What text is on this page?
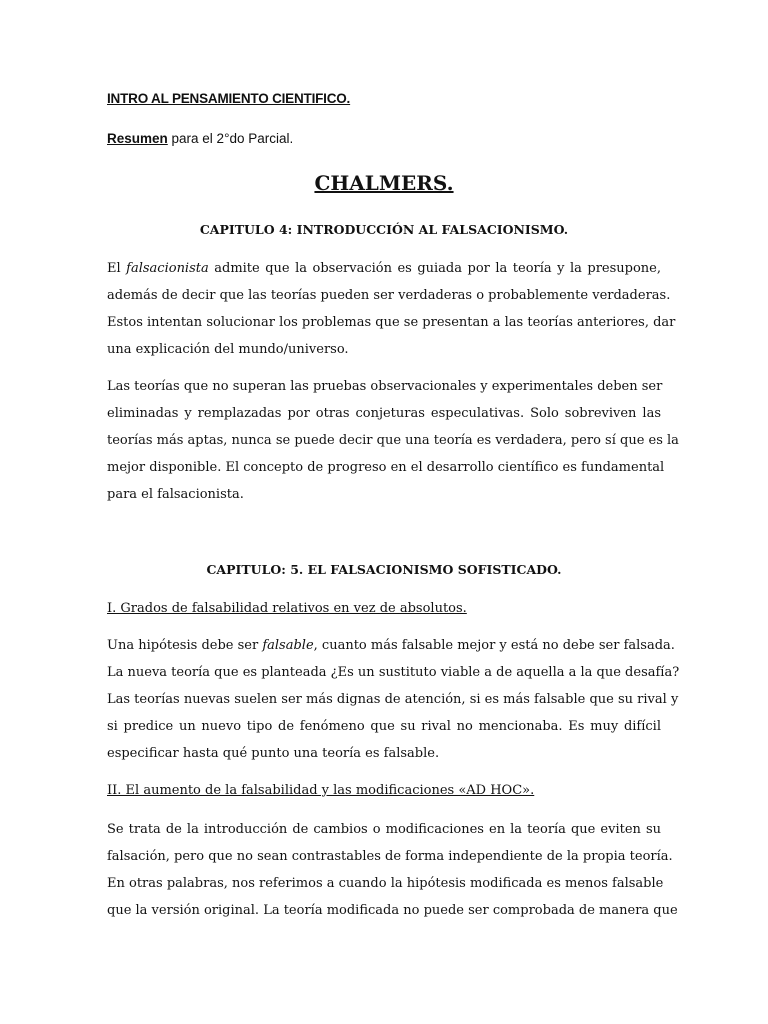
INTRO AL PENSAMIENTO CIENTIFICO.
Resumen para el 2°do Parcial.
CHALMERS.
CAPITULO 4: INTRODUCCIÓN AL FALSACIONISMO.
El falsacionista admite que la observación es guiada por la teoría y la presupone,
además de decir que las teorías pueden ser verdaderas o probablemente verdaderas.
Estos intentan solucionar los problemas que se presentan a las teorías anteriores, dar
una explicación del mundo/universo.
Las teorías que no superan las pruebas observacionales y experimentales deben ser
eliminadas y remplazadas por otras conjeturas especulativas. Solo sobreviven las
teorías más aptas, nunca se puede decir que una teoría es verdadera, pero sí que es la
mejor disponible. El concepto de progreso en el desarrollo científico es fundamental
para el falsacionista.
CAPITULO: 5. EL FALSACIONISMO SOFISTICADO.
I. Grados de falsabilidad relativos en vez de absolutos.
Una hipótesis debe ser falsable, cuanto más falsable mejor y está no debe ser falsada.
La nueva teoría que es planteada ¿Es un sustituto viable a de aquella a la que desafía?
Las teorías nuevas suelen ser más dignas de atención, si es más falsable que su rival y
si predice un nuevo tipo de fenómeno que su rival no mencionaba. Es muy difícil
especificar hasta qué punto una teoría es falsable.
II. El aumento de la falsabilidad y las modificaciones «AD HOC».
Se trata de la introducción de cambios o modificaciones en la teoría que eviten su
falsación, pero que no sean contrastables de forma independiente de la propia teoría.
En otras palabras, nos referimos a cuando la hipótesis modificada es menos falsable
que la versión original. La teoría modificada no puede ser comprobada de manera que
